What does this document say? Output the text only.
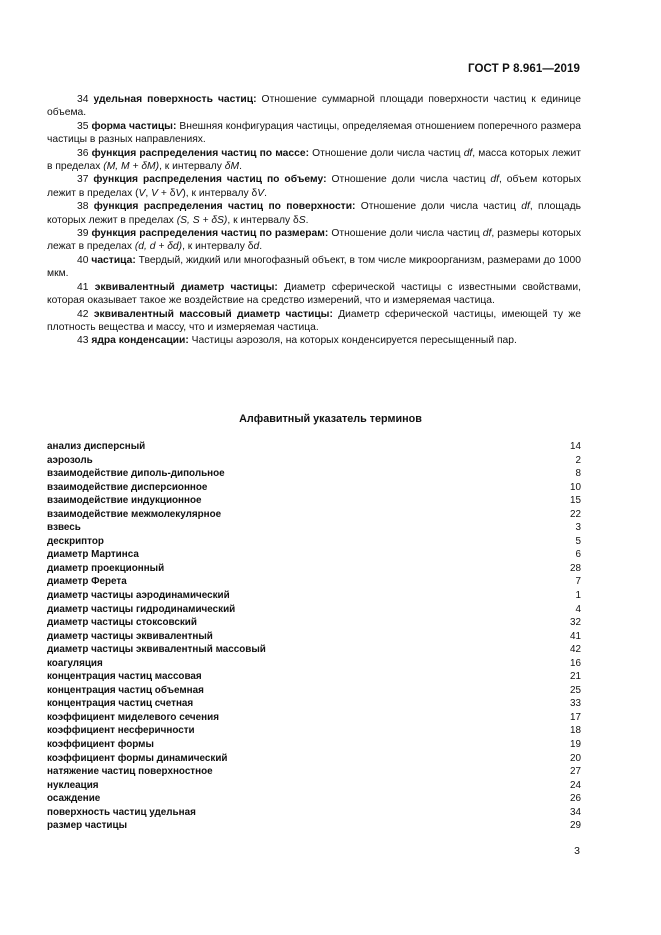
ГОСТ Р 8.961—2019

34 удельная поверхность частиц: Отношение суммарной площади поверхности частиц к единице объема.

35 форма частицы: Внешняя конфигурация частицы, определяемая отношением поперечного размера частицы в разных направлениях.

36 функция распределения частиц по массе: Отношение доли числа частиц df, масса которых лежит в пределах (M, M + δM), к интервалу δM.

37 функция распределения частиц по объему: Отношение доли числа частиц df, объем которых лежит в пределах (V, V + δV), к интервалу δV.

38 функция распределения частиц по поверхности: Отношение доли числа частиц df, площадь которых лежит в пределах (S, S + δS), к интервалу δS.

39 функция распределения частиц по размерам: Отношение доли числа частиц df, размеры которых лежат в пределах (d, d + δd), к интервалу δd.

40 частица: Твердый, жидкий или многофазный объект, в том числе микроорганизм, размерами до 1000 мкм.

41 эквивалентный диаметр частицы: Диаметр сферической частицы с известными свойствами, которая оказывает такое же воздействие на средство измерений, что и измеряемая частица.

42 эквивалентный массовый диаметр частицы: Диаметр сферической частицы, имеющей ту же плотность вещества и массу, что и измеряемая частица.

43 ядра конденсации: Частицы аэрозоля, на которых конденсируется пересыщенный пар.

Алфавитный указатель терминов
анализ дисперсный	14
аэрозоль	2
взаимодействие диполь-дипольное	8
взаимодействие дисперсионное	10
взаимодействие индукционное	15
взаимодействие межмолекулярное	22
взвесь	3
дескриптор	5
диаметр Мартинса	6
диаметр проекционный	28
диаметр Ферета	7
диаметр частицы аэродинамический	1
диаметр частицы гидродинамический	4
диаметр частицы стоксовский	32
диаметр частицы эквивалентный	41
диаметр частицы эквивалентный массовый	42
коагуляция	16
концентрация частиц массовая	21
концентрация частиц объемная	25
концентрация частиц счетная	33
коэффициент миделевого сечения	17
коэффициент несферичности	18
коэффициент формы	19
коэффициент формы динамический	20
натяжение частиц поверхностное	27
нуклеация	24
осаждение	26
поверхность частиц удельная	34
размер частицы	29
3
